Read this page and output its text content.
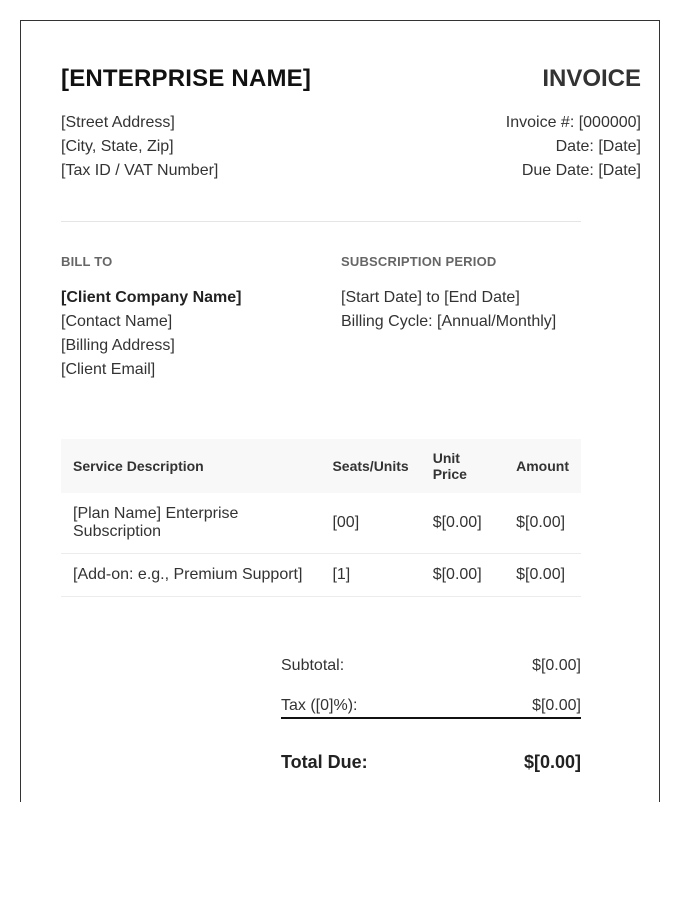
[ENTERPRISE NAME]	INVOICE
[Street Address]
[City, State, Zip]
[Tax ID / VAT Number]
Invoice #: [000000]
Date: [Date]
Due Date: [Date]
BILL TO	SUBSCRIPTION PERIOD
[Client Company Name]
[Contact Name]
[Billing Address]
[Client Email]
[Start Date] to [End Date]
Billing Cycle: [Annual/Monthly]
Service Description	Seats/Units	Unit Price	Amount
[Plan Name] Enterprise Subscription	[00]	$[0.00]	$[0.00]
[Add-on: e.g., Premium Support]	[1]	$[0.00]	$[0.00]
Subtotal:	$[0.00]
Tax ([0]%):	$[0.00]
Total Due:	$[0.00]
